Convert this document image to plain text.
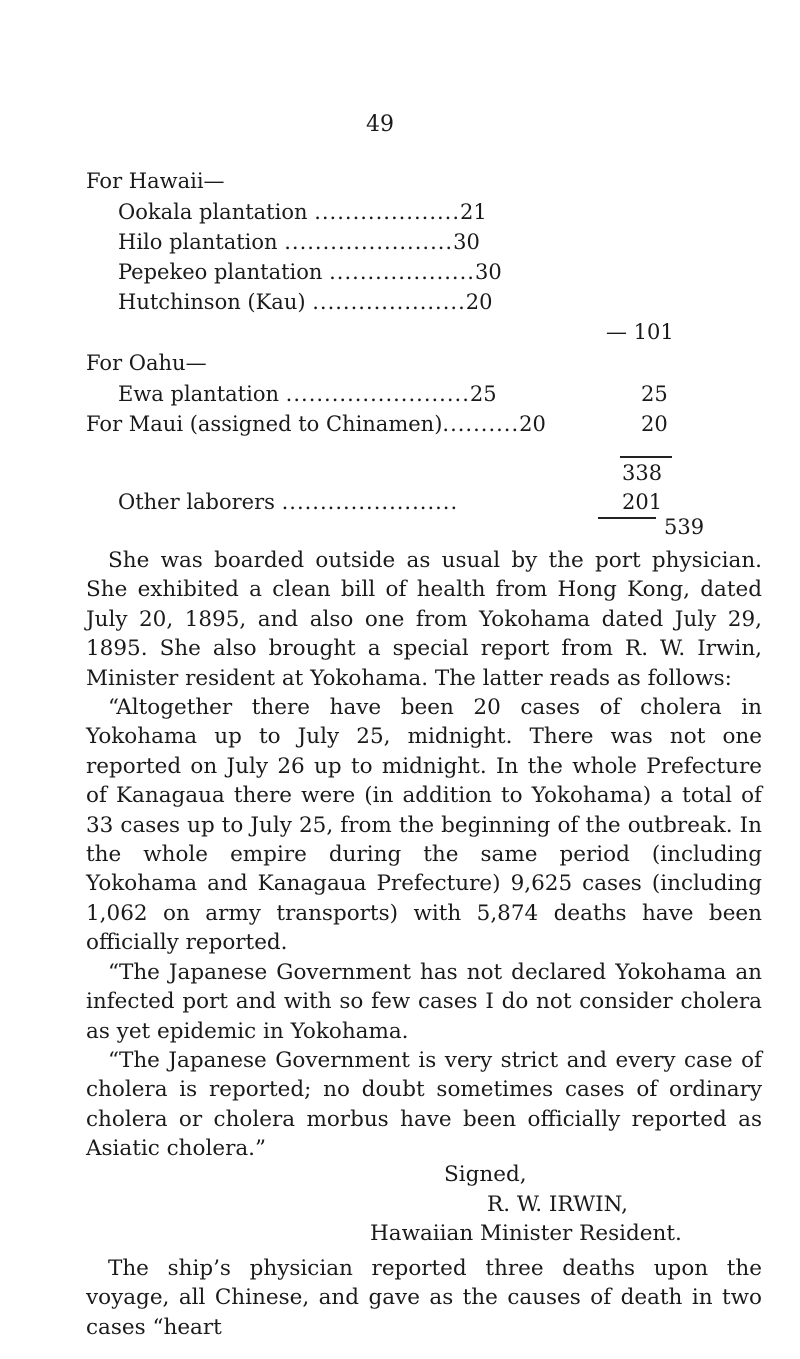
49
For Hawaii—
Ookala plantation ...................21
Hilo plantation ......................30
Pepekeo plantation ...................30
Hutchinson (Kau) ....................20
— 101
For Oahu—
Ewa plantation ........................25	25
For Maui (assigned to Chinamen)..........20	20
338
Other laborers .......................	201
539
She was boarded outside as usual by the port physician. She exhibited a clean bill of health from Hong Kong, dated July 20, 1895, and also one from Yokohama dated July 29, 1895. She also brought a special report from R. W. Irwin, Minister resident at Yokohama. The latter reads as follows:
“Altogether there have been 20 cases of cholera in Yokohama up to July 25, midnight. There was not one reported on July 26 up to midnight. In the whole Prefecture of Kanagaua there were (in addition to Yokohama) a total of 33 cases up to July 25, from the beginning of the outbreak. In the whole empire during the same period (including Yokohama and Kanagaua Prefecture) 9,625 cases (including 1,062 on army transports) with 5,874 deaths have been officially reported.
“The Japanese Government has not declared Yokohama an infected port and with so few cases I do not consider cholera as yet epidemic in Yokohama.
“The Japanese Government is very strict and every case of cholera is reported; no doubt sometimes cases of ordinary cholera or cholera morbus have been officially reported as Asiatic cholera.”
Signed,
R. W. IRWIN,
Hawaiian Minister Resident.
The ship’s physician reported three deaths upon the voyage, all Chinese, and gave as the causes of death in two cases “heart
